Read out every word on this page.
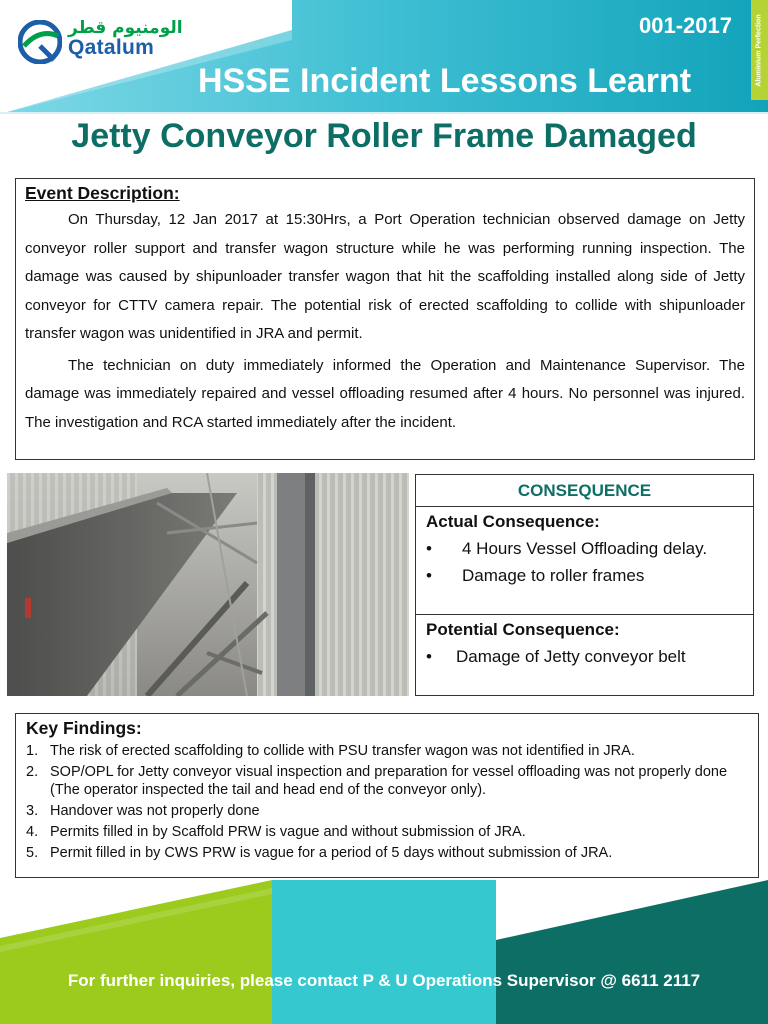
الومنيوم قطر
Qatalum
001-2017	Aluminium Perfection
HSSE Incident Lessons Learnt
Jetty Conveyor Roller Frame Damaged
Event Description:

On Thursday, 12 Jan 2017 at 15:30Hrs, a Port Operation technician observed damage on Jetty conveyor roller support and transfer wagon structure while he was performing running inspection. The damage was caused by shipunloader transfer wagon that hit the scaffolding installed along side of Jetty conveyor for CTTV camera repair. The potential risk of erected scaffolding to collide with shipunloader transfer wagon was unidentified in JRA and permit.

The technician on duty immediately informed the Operation and Maintenance Supervisor. The damage was immediately repaired and vessel offloading resumed after 4 hours. No personnel was injured. The investigation and RCA started immediately after the incident.

CONSEQUENCE
Actual Consequence:
•	4 Hours Vessel Offloading delay.
•	Damage to roller frames
Potential Consequence:
•	Damage of Jetty conveyor belt
Key Findings:
1. The risk of erected scaffolding to collide with PSU transfer wagon was not identified in JRA.
2. SOP/OPL for Jetty conveyor visual inspection and preparation for vessel offloading was not properly done (The operator inspected the tail and head end of the conveyor only).
3. Handover was not properly done
4. Permits filled in by Scaffold PRW is vague and without submission of JRA.
5. Permit filled in by CWS PRW is vague for a period of 5 days without submission of JRA.
For further inquiries, please contact P & U Operations Supervisor @ 6611 2117
